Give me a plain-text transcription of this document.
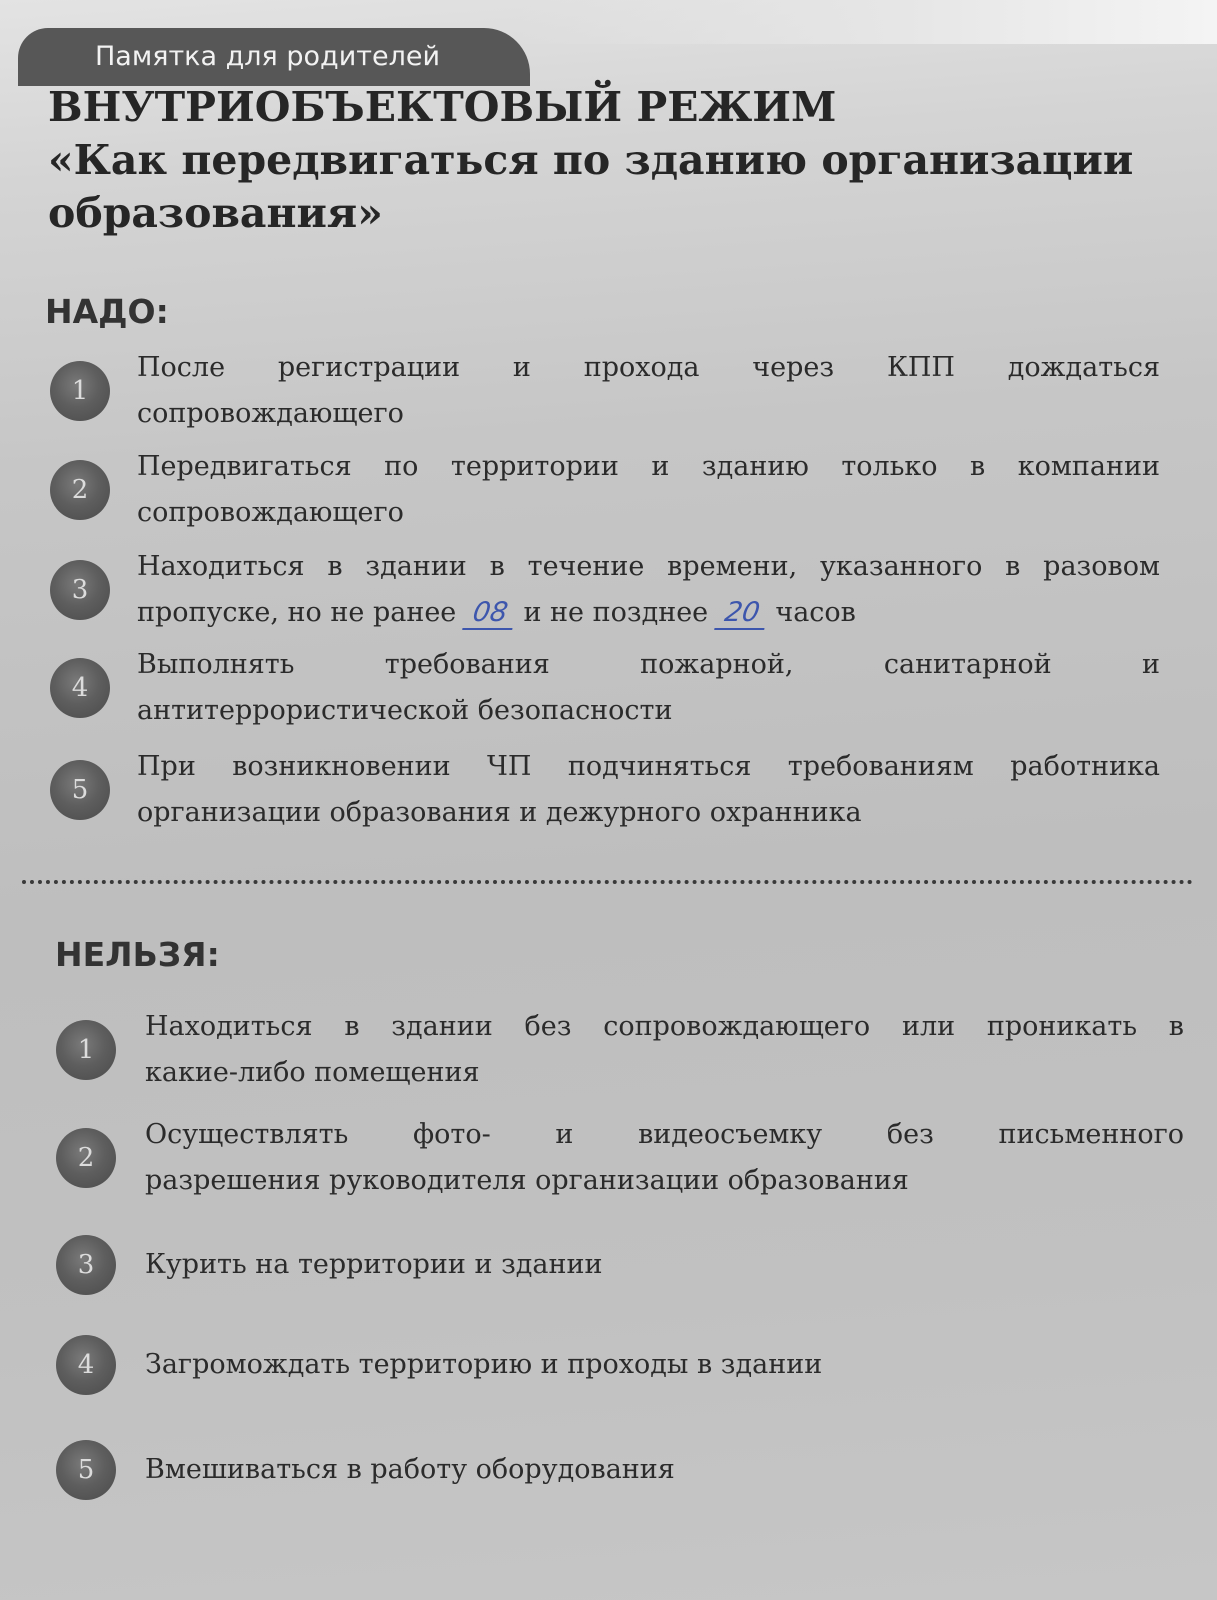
Памятка для родителей
ВНУТРИОБЪЕКТОВЫЙ РЕЖИМ
«Как передвигаться по зданию организации
образования»
НАДО:
1
После регистрации и прохода через КПП дождаться
сопровождающего
2
Передвигаться по территории и зданию только в компании
сопровождающего
3
Находиться в здании в течение времени, указанного в разовом
пропуске, но не ранее 08 и не позднее 20 часов
4
Выполнять требования пожарной, санитарной и
антитеррористической безопасности
5
При возникновении ЧП подчиняться требованиям работника
организации образования и дежурного охранника
НЕЛЬЗЯ:
1
Находиться в здании без сопровождающего или проникать в
какие-либо помещения
2
Осуществлять фото- и видеосъемку без письменного
разрешения руководителя организации образования
3 Курить на территории и здании
4 Загромождать территорию и проходы в здании
5 Вмешиваться в работу оборудования
